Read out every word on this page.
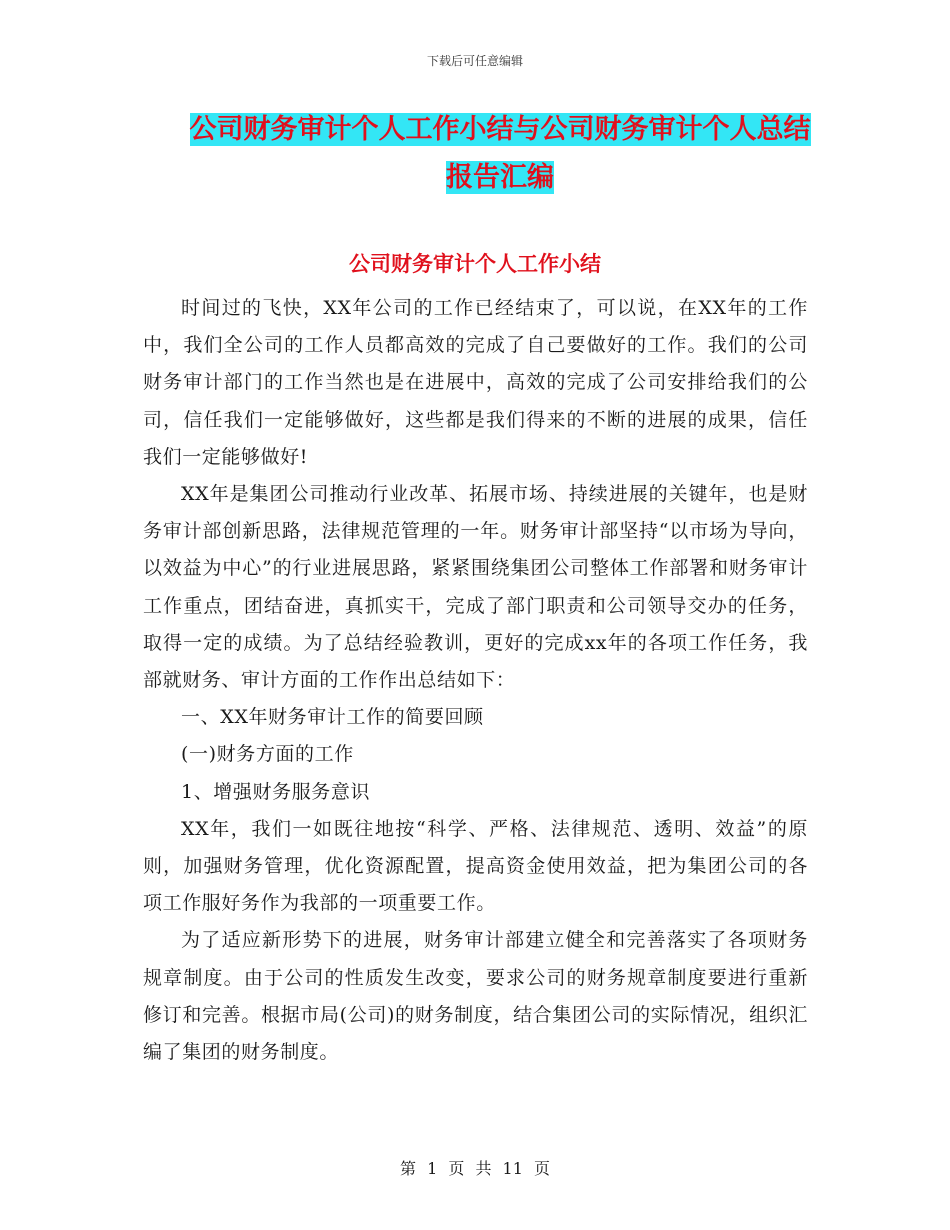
下载后可任意编辑
公司财务审计个人工作小结与公司财务审计个人总结
报告汇编
公司财务审计个人工作小结

时间过的飞快，XX年公司的工作已经结束了，可以说，在XX年的工作中，我们全公司的工作人员都高效的完成了自己要做好的工作。我们的公司财务审计部门的工作当然也是在进展中，高效的完成了公司安排给我们的公司，信任我们一定能够做好，这些都是我们得来的不断的进展的成果，信任我们一定能够做好!

XX年是集团公司推动行业改革、拓展市场、持续进展的关键年，也是财务审计部创新思路，法律规范管理的一年。财务审计部坚持“以市场为导向，以效益为中心”的行业进展思路，紧紧围绕集团公司整体工作部署和财务审计工作重点，团结奋进，真抓实干，完成了部门职责和公司领导交办的任务，取得一定的成绩。为了总结经验教训，更好的完成xx年的各项工作任务，我部就财务、审计方面的工作作出总结如下：

一、XX年财务审计工作的简要回顾

(一)财务方面的工作

1、增强财务服务意识

XX年，我们一如既往地按“科学、严格、法律规范、透明、效益”的原则，加强财务管理，优化资源配置，提高资金使用效益，把为集团公司的各项工作服好务作为我部的一项重要工作。

为了适应新形势下的进展，财务审计部建立健全和完善落实了各项财务规章制度。由于公司的性质发生改变，要求公司的财务规章制度要进行重新修订和完善。根据市局(公司)的财务制度，结合集团公司的实际情况，组织汇编了集团的财务制度。

第 1 页 共 11 页
